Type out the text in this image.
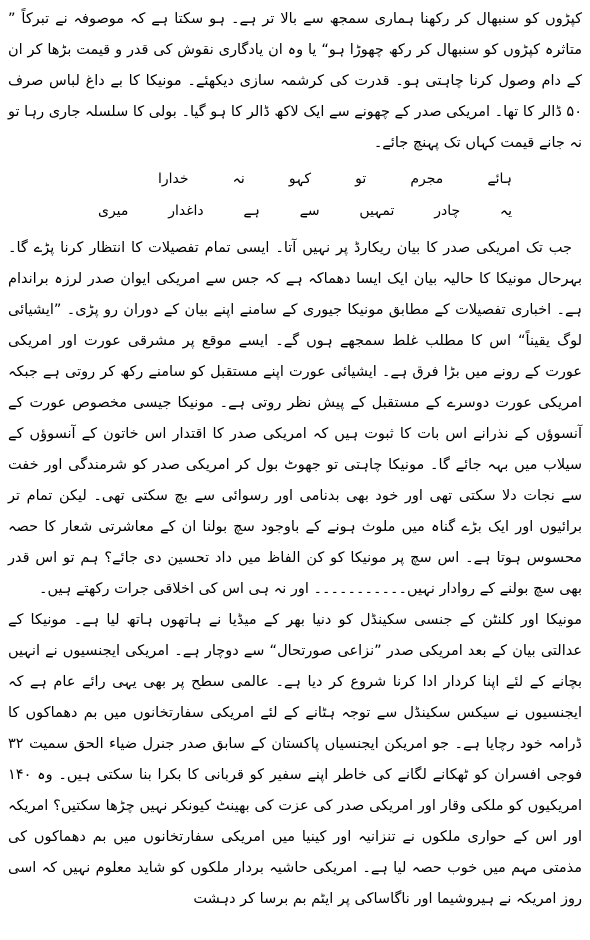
کپڑوں کو سنبھال کر رکھنا ہماری سمجھ سے بالا تر ہے۔ ہو سکتا ہے کہ موصوفہ نے تبرکاً ” متاثرہ کپڑوں کو سنبھال کر رکھ چھوڑا ہو“ یا وہ ان یادگاری نقوش کی قدر و قیمت بڑھا کر ان کے دام وصول کرنا چاہتی ہو۔ قدرت کی کرشمہ سازی دیکھئے۔ مونیکا کا بے داغ لباس صرف ۵۰ ڈالر کا تھا۔ امریکی صدر کے چھونے سے ایک لاکھ ڈالر کا ہو گیا۔ بولی کا سلسلہ جاری رہا تو نہ جانے قیمت کہاں تک پہنچ جائے۔

ہائے مجرم تو کہو نہ خدارا
یہ چادر تمہیں سے ہے داغدار میری

جب تک امریکی صدر کا بیان ریکارڈ پر نہیں آتا۔ ایسی تمام تفصیلات کا انتظار کرنا پڑے گا۔ بہرحال مونیکا کا حالیہ بیان ایک ایسا دھماکہ ہے کہ جس سے امریکی ایوان صدر لرزہ براندام ہے۔ اخباری تفصیلات کے مطابق مونیکا جیوری کے سامنے اپنے بیان کے دوران رو پڑی۔ ”ایشیائی لوگ یقیناً“ اس کا مطلب غلط سمجھے ہوں گے۔ ایسے موقع پر مشرقی عورت اور امریکی عورت کے رونے میں بڑا فرق ہے۔ ایشیائی عورت اپنے مستقبل کو سامنے رکھ کر روتی ہے جبکہ امریکی عورت دوسرے کے مستقبل کے پیش نظر روتی ہے۔ مونیکا جیسی مخصوص عورت کے آنسوؤں کے نذرانے اس بات کا ثبوت ہیں کہ امریکی صدر کا اقتدار اس خاتون کے آنسوؤں کے سیلاب میں بہہ جائے گا۔ مونیکا چاہتی تو جھوٹ بول کر امریکی صدر کو شرمندگی اور خفت سے نجات دلا سکتی تھی اور خود بھی بدنامی اور رسوائی سے بچ سکتی تھی۔ لیکن تمام تر برائیوں اور ایک بڑے گناہ میں ملوث ہونے کے باوجود سچ بولنا ان کے معاشرتی شعار کا حصہ محسوس ہوتا ہے۔ اس سچ پر مونیکا کو کن الفاظ میں داد تحسین دی جائے؟ ہم تو اس قدر بھی سچ بولنے کے روادار نہیں۔۔۔۔۔۔۔۔۔۔۔ اور نہ ہی اس کی اخلاقی جرات رکھتے ہیں۔

مونیکا اور کلنٹن کے جنسی سکینڈل کو دنیا بھر کے میڈیا نے ہاتھوں ہاتھ لیا ہے۔ مونیکا کے عدالتی بیان کے بعد امریکی صدر ”نزاعی صورتحال“ سے دوچار ہے۔ امریکی ایجنسیوں نے انہیں بچانے کے لئے اپنا کردار ادا کرنا شروع کر دیا ہے۔ عالمی سطح پر بھی یہی رائے عام ہے کہ ایجنسیوں نے سیکس سکینڈل سے توجہ ہٹانے کے لئے امریکی سفارتخانوں میں بم دھماکوں کا ڈرامہ خود رچایا ہے۔ جو امریکن ایجنسیاں پاکستان کے سابق صدر جنرل ضیاء الحق سمیت ۳۲ فوجی افسران کو ٹھکانے لگانے کی خاطر اپنے سفیر کو قربانی کا بکرا بنا سکتی ہیں۔ وہ ۱۴۰ امریکیوں کو ملکی وقار اور امریکی صدر کی عزت کی بھینٹ کیونکر نہیں چڑھا سکتیں؟ امریکہ اور اس کے حواری ملکوں نے تنزانیہ اور کینیا میں امریکی سفارتخانوں میں بم دھماکوں کی مذمتی مہم میں خوب حصہ لیا ہے۔ امریکی حاشیہ بردار ملکوں کو شاید معلوم نہیں کہ اسی روز امریکہ نے ہیروشیما اور ناگاساکی پر ایٹم بم برسا کر دہشت
